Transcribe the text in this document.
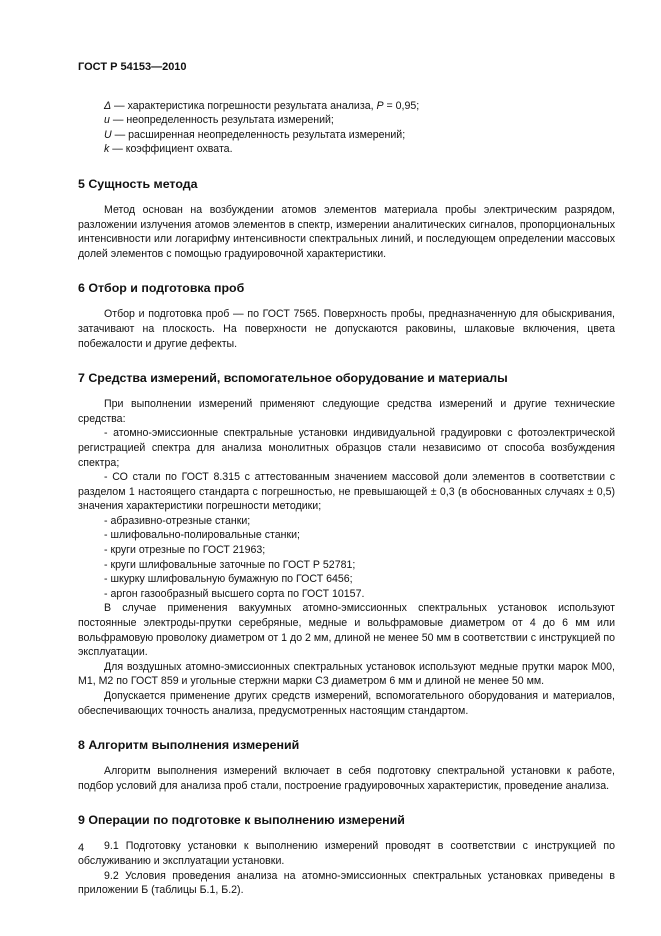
ГОСТ Р 54153—2010
Δ — характеристика погрешности результата анализа, Р = 0,95;
u — неопределенность результата измерений;
U — расширенная неопределенность результата измерений;
k — коэффициент охвата.
5 Сущность метода

Метод основан на возбуждении атомов элементов материала пробы электрическим разрядом, разложении излучения атомов элементов в спектр, измерении аналитических сигналов, пропорциональных интенсивности или логарифму интенсивности спектральных линий, и последующем определении массовых долей элементов с помощью градуировочной характеристики.

6 Отбор и подготовка проб

Отбор и подготовка проб — по ГОСТ 7565. Поверхность пробы, предназначенную для обыскривания, затачивают на плоскость. На поверхности не допускаются раковины, шлаковые включения, цвета побежалости и другие дефекты.

7 Средства измерений, вспомогательное оборудование и материалы

При выполнении измерений применяют следующие средства измерений и другие технические средства:

- атомно-эмиссионные спектральные установки индивидуальной градуировки с фотоэлектрической регистрацией спектра для анализа монолитных образцов стали независимо от способа возбуждения спектра;

- СО стали по ГОСТ 8.315 с аттестованным значением массовой доли элементов в соответствии с разделом 1 настоящего стандарта с погрешностью, не превышающей ± 0,3 (в обоснованных случаях ± 0,5) значения характеристики погрешности методики;

- абразивно-отрезные станки;

- шлифовально-полировальные станки;

- круги отрезные по ГОСТ 21963;

- круги шлифовальные заточные по ГОСТ Р 52781;

- шкурку шлифовальную бумажную по ГОСТ 6456;

- аргон газообразный высшего сорта по ГОСТ 10157.

В случае применения вакуумных атомно-эмиссионных спектральных установок используют постоянные электроды-прутки серебряные, медные и вольфрамовые диаметром от 4 до 6 мм или вольфрамовую проволоку диаметром от 1 до 2 мм, длиной не менее 50 мм в соответствии с инструкцией по эксплуатации.

Для воздушных атомно-эмиссионных спектральных установок используют медные прутки марок М00, М1, М2 по ГОСТ 859 и угольные стержни марки С3 диаметром 6 мм и длиной не менее 50 мм.

Допускается применение других средств измерений, вспомогательного оборудования и материалов, обеспечивающих точность анализа, предусмотренных настоящим стандартом.

8 Алгоритм выполнения измерений

Алгоритм выполнения измерений включает в себя подготовку спектральной установки к работе, подбор условий для анализа проб стали, построение градуировочных характеристик, проведение анализа.

9 Операции по подготовке к выполнению измерений

9.1 Подготовку установки к выполнению измерений проводят в соответствии с инструкцией по обслуживанию и эксплуатации установки.

9.2 Условия проведения анализа на атомно-эмиссионных спектральных установках приведены в приложении Б (таблицы Б.1, Б.2).

4
